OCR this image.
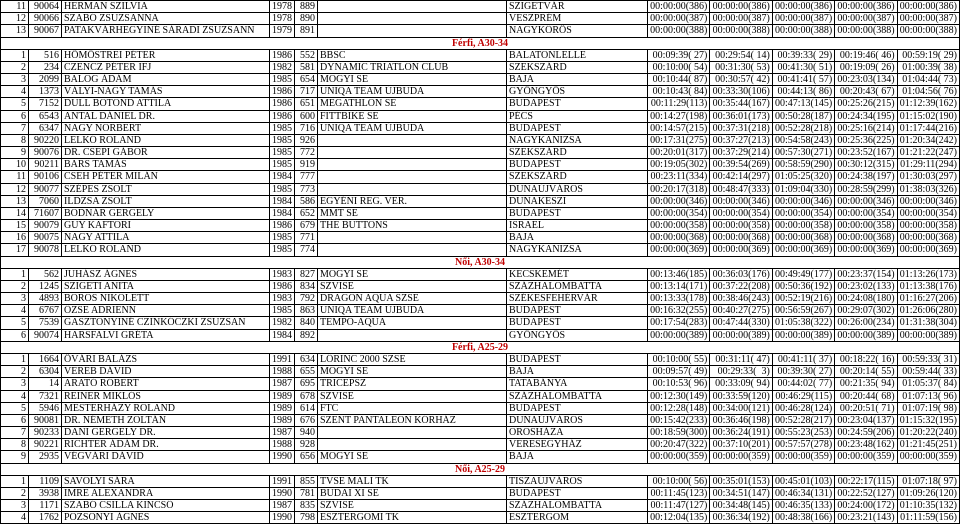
11 90064 HERMAN SZILVIA	1978 889	SZIGETVÁR	00:00:00(386) 00:00:00(386) 00:00:00(386) 00:00:00(386) 00:00:00(386)
12 90066 SZABÓ ZSUZSANNA	1978 890	VESZPRÉM	00:00:00(387) 00:00:00(387) 00:00:00(387) 00:00:00(387) 00:00:00(387)
13 90067 PATAKVÁRHEGYINÉ SÁRADI ZSUZSANN	1979 891	NAGYKŐRÖS	00:00:00(388) 00:00:00(388) 00:00:00(388) 00:00:00(388) 00:00:00(388)
Férfi, A30-34
1	516 HÖMÖSTREI PÉTER	1986 552 BBSC	BALATONLELLE	00:09:39( 27) 00:29:54( 14) 00:39:33( 29) 00:19:46( 46) 00:59:19( 29)
2	234 CZENCZ PÉTER IFJ	1982 581 DYNAMIC TRIATLON CLUB	SZEKSZÁRD	00:10:00( 54) 00:31:30( 53) 00:41:30( 51) 00:19:09( 26) 01:00:39( 38)
3	2099 BALOG ÁDÁM	1985 654 MOGYI SE	BAJA	00:10:44( 87) 00:30:57( 42) 00:41:41( 57) 00:23:03(134) 01:04:44( 73)
4	1373 VÁLYI-NAGY TAMÁS	1986 717 UNIQA TEAM ÚJBUDA	GYÖNGYÖS	00:10:43( 84) 00:33:30(106) 00:44:13( 86) 00:20:43( 67) 01:04:56( 76)
5	7152 DULL BOTOND ATTILA	1986 651 MEGATHLON SE	BUDAPEST	00:11:29(113) 00:35:44(167) 00:47:13(145) 00:25:26(215) 01:12:39(162)
6	6543 ANTAL DÁNIEL DR.	1986 600 FITTBIKE SE	PÉCS	00:14:27(198) 00:36:01(173) 00:50:28(187) 00:24:34(195) 01:15:02(190)
7	6347 NAGY NORBERT	1985 716 UNIQA TEAM ÚJBUDA	BUDAPEST	00:14:57(215) 00:37:31(218) 00:52:28(218) 00:25:16(214) 01:17:44(216)
8 90220 LELKÓ ROLAND	1985 926	NAGYKANIZSA	00:17:31(275) 00:37:27(213) 00:54:58(243) 00:25:36(225) 01:20:34(242)
9 90076 DR. CSEPI GÁBOR	1985 772	SZEKSZÁRD	00:20:01(317) 00:37:29(214) 00:57:30(271) 00:23:52(167) 01:21:22(247)
10 90211 BARS TAMÁS	1985 919	BUDAPEST	00:19:05(302) 00:39:54(269) 00:58:59(290) 00:30:12(315) 01:29:11(294)
11 90106 CSEH PÉTER MILÁN	1984 777	SZEKSZÁRD	00:23:11(334) 00:42:14(297) 01:05:25(320) 00:24:38(197) 01:30:03(297)
12 90077 SZÉPES ZSOLT	1985 773	DUNAÚJVÁROS	00:20:17(318) 00:48:47(333) 01:09:04(330) 00:28:59(299) 01:38:03(326)
13	7060 ILDZSA ZSOLT	1984 586 EGYÉNI REG. VER.	DUNAKESZI	00:00:00(346) 00:00:00(346) 00:00:00(346) 00:00:00(346) 00:00:00(346)
14 71607 BODNÁR GERGELY	1984 652 MMT SE	BUDAPEST	00:00:00(354) 00:00:00(354) 00:00:00(354) 00:00:00(354) 00:00:00(354)
15 90079 GUY KAFTORI	1986 679 THE BUTTONS	ISRAEL	00:00:00(358) 00:00:00(358) 00:00:00(358) 00:00:00(358) 00:00:00(358)
16 90075 NAGY ATTILA	1985 771	BAJA	00:00:00(368) 00:00:00(368) 00:00:00(368) 00:00:00(368) 00:00:00(368)
17 90078 LELKÓ ROLAND	1985 774	NAGYKANIZSA	00:00:00(369) 00:00:00(369) 00:00:00(369) 00:00:00(369) 00:00:00(369)
Női, A30-34
1	562 JUHÁSZ ÁGNES	1983 827 MOGYI SE	KECSKEMÉT	00:13:46(185) 00:36:03(176) 00:49:49(177) 00:23:37(154) 01:13:26(173)
2	1245 SZIGETI ANITA	1986 834 SZVISE	SZÁZHALOMBATTA	00:13:14(171) 00:37:22(208) 00:50:36(192) 00:23:02(133) 01:13:38(176)
3	4893 BOROS NIKOLETT	1983 792 DRAGON AQUA SZSE	SZÉKESFEHÉRVÁR	00:13:33(178) 00:38:46(243) 00:52:19(216) 00:24:08(180) 01:16:27(206)
4	6767 ŐZSE ADRIENN	1985 863 UNIQA TEAM ÚJBUDA	BUDAPEST	00:16:32(255) 00:40:27(275) 00:56:59(267) 00:29:07(302) 01:26:06(280)
5	7539 GASZTONYINÉ CZINKÓCZKI ZSUZSAN	1982 840 TEMPO-AQUA	BUDAPEST	00:17:54(283) 00:47:44(330) 01:05:38(322) 00:26:00(234) 01:31:38(304)
6 90074 HARSFALVI GRÉTA	1984 892	GYÖNGYÖS	00:00:00(389) 00:00:00(389) 00:00:00(389) 00:00:00(389) 00:00:00(389)
Férfi, A25-29
1	1664 ÖVÁRI BALÁZS	1991 634 LŐRINC 2000 SZSE	BUDAPEST	00:10:00( 55) 00:31:11( 47) 00:41:11( 37) 00:18:22( 16) 00:59:33( 31)
2	6304 VEREB DÁVID	1988 655 MOGYI SE	BAJA	00:09:57( 49)	00:29:33(  3) 00:39:30( 27) 00:20:14( 55) 00:59:44( 33)
3	14 ARATÓ RÓBERT	1987 695 TRICEPSZ	TATABÁNYA	00:10:53( 96) 00:33:09( 94) 00:44:02( 77) 00:21:35( 94) 01:05:37( 84)
4	7321 REINER MIKLÓS	1989 678 SZVISE	SZÁZHALOMBATTA	00:12:30(149) 00:33:59(120) 00:46:29(115) 00:20:44( 68) 01:07:13( 96)
5	5946 MESTERHÁZY ROLAND	1989 614 FTC	BUDAPEST	00:12:28(148) 00:34:00(121) 00:46:28(124) 00:20:51( 71) 01:07:19( 98)
6 90081 DR. NÉMETH ZOLTÁN	1989 676 SZENT PANTALEON KÓRHÁZ	DUNAÚJVÁROS	00:15:42(233) 00:36:46(198) 00:52:28(217) 00:23:04(137) 01:15:32(195)
7 90233 DANI GERGELY DR.	1987 940	OROSHÁZA	00:18:59(300) 00:36:24(191) 00:55:23(253) 00:24:59(206) 01:20:22(240)
8 90221 RICHTER ÁDÁM DR.	1988 928	VERESEGYHÁZ	00:20:47(322) 00:37:10(201) 00:57:57(278) 00:23:48(162) 01:21:45(251)
9	2935 VÉGVÁRI DÁVID	1990 656 MOGYI SE	BAJA	00:00:00(359) 00:00:00(359) 00:00:00(359) 00:00:00(359) 00:00:00(359)
Női, A25-29
1	1109 SAVOLYI SÁRA	1991 855 TVSE MALI TK	TISZAÚJVÁROS	00:10:00( 56) 00:35:01(153) 00:45:01(103) 00:22:17(115) 01:07:18( 97)
2	3938 IMRE ALEXANDRA	1990 781 BUDAI XI SE	BUDAPEST	00:11:45(123) 00:34:51(147) 00:46:34(131) 00:22:52(127) 01:09:26(120)
3	1171 SZABÓ CSILLA KINCSŐ	1987 835 SZVISE	SZÁZHALOMBATTA	00:11:47(127) 00:34:48(145) 00:46:35(133) 00:24:00(172) 01:10:35(132)
4	1762 POZSONYI ÁGNES	1990 798 ESZTERGOMI TK	ESZTERGOM	00:12:04(135) 00:36:34(192) 00:48:38(166) 00:23:21(143) 01:11:59(156)
